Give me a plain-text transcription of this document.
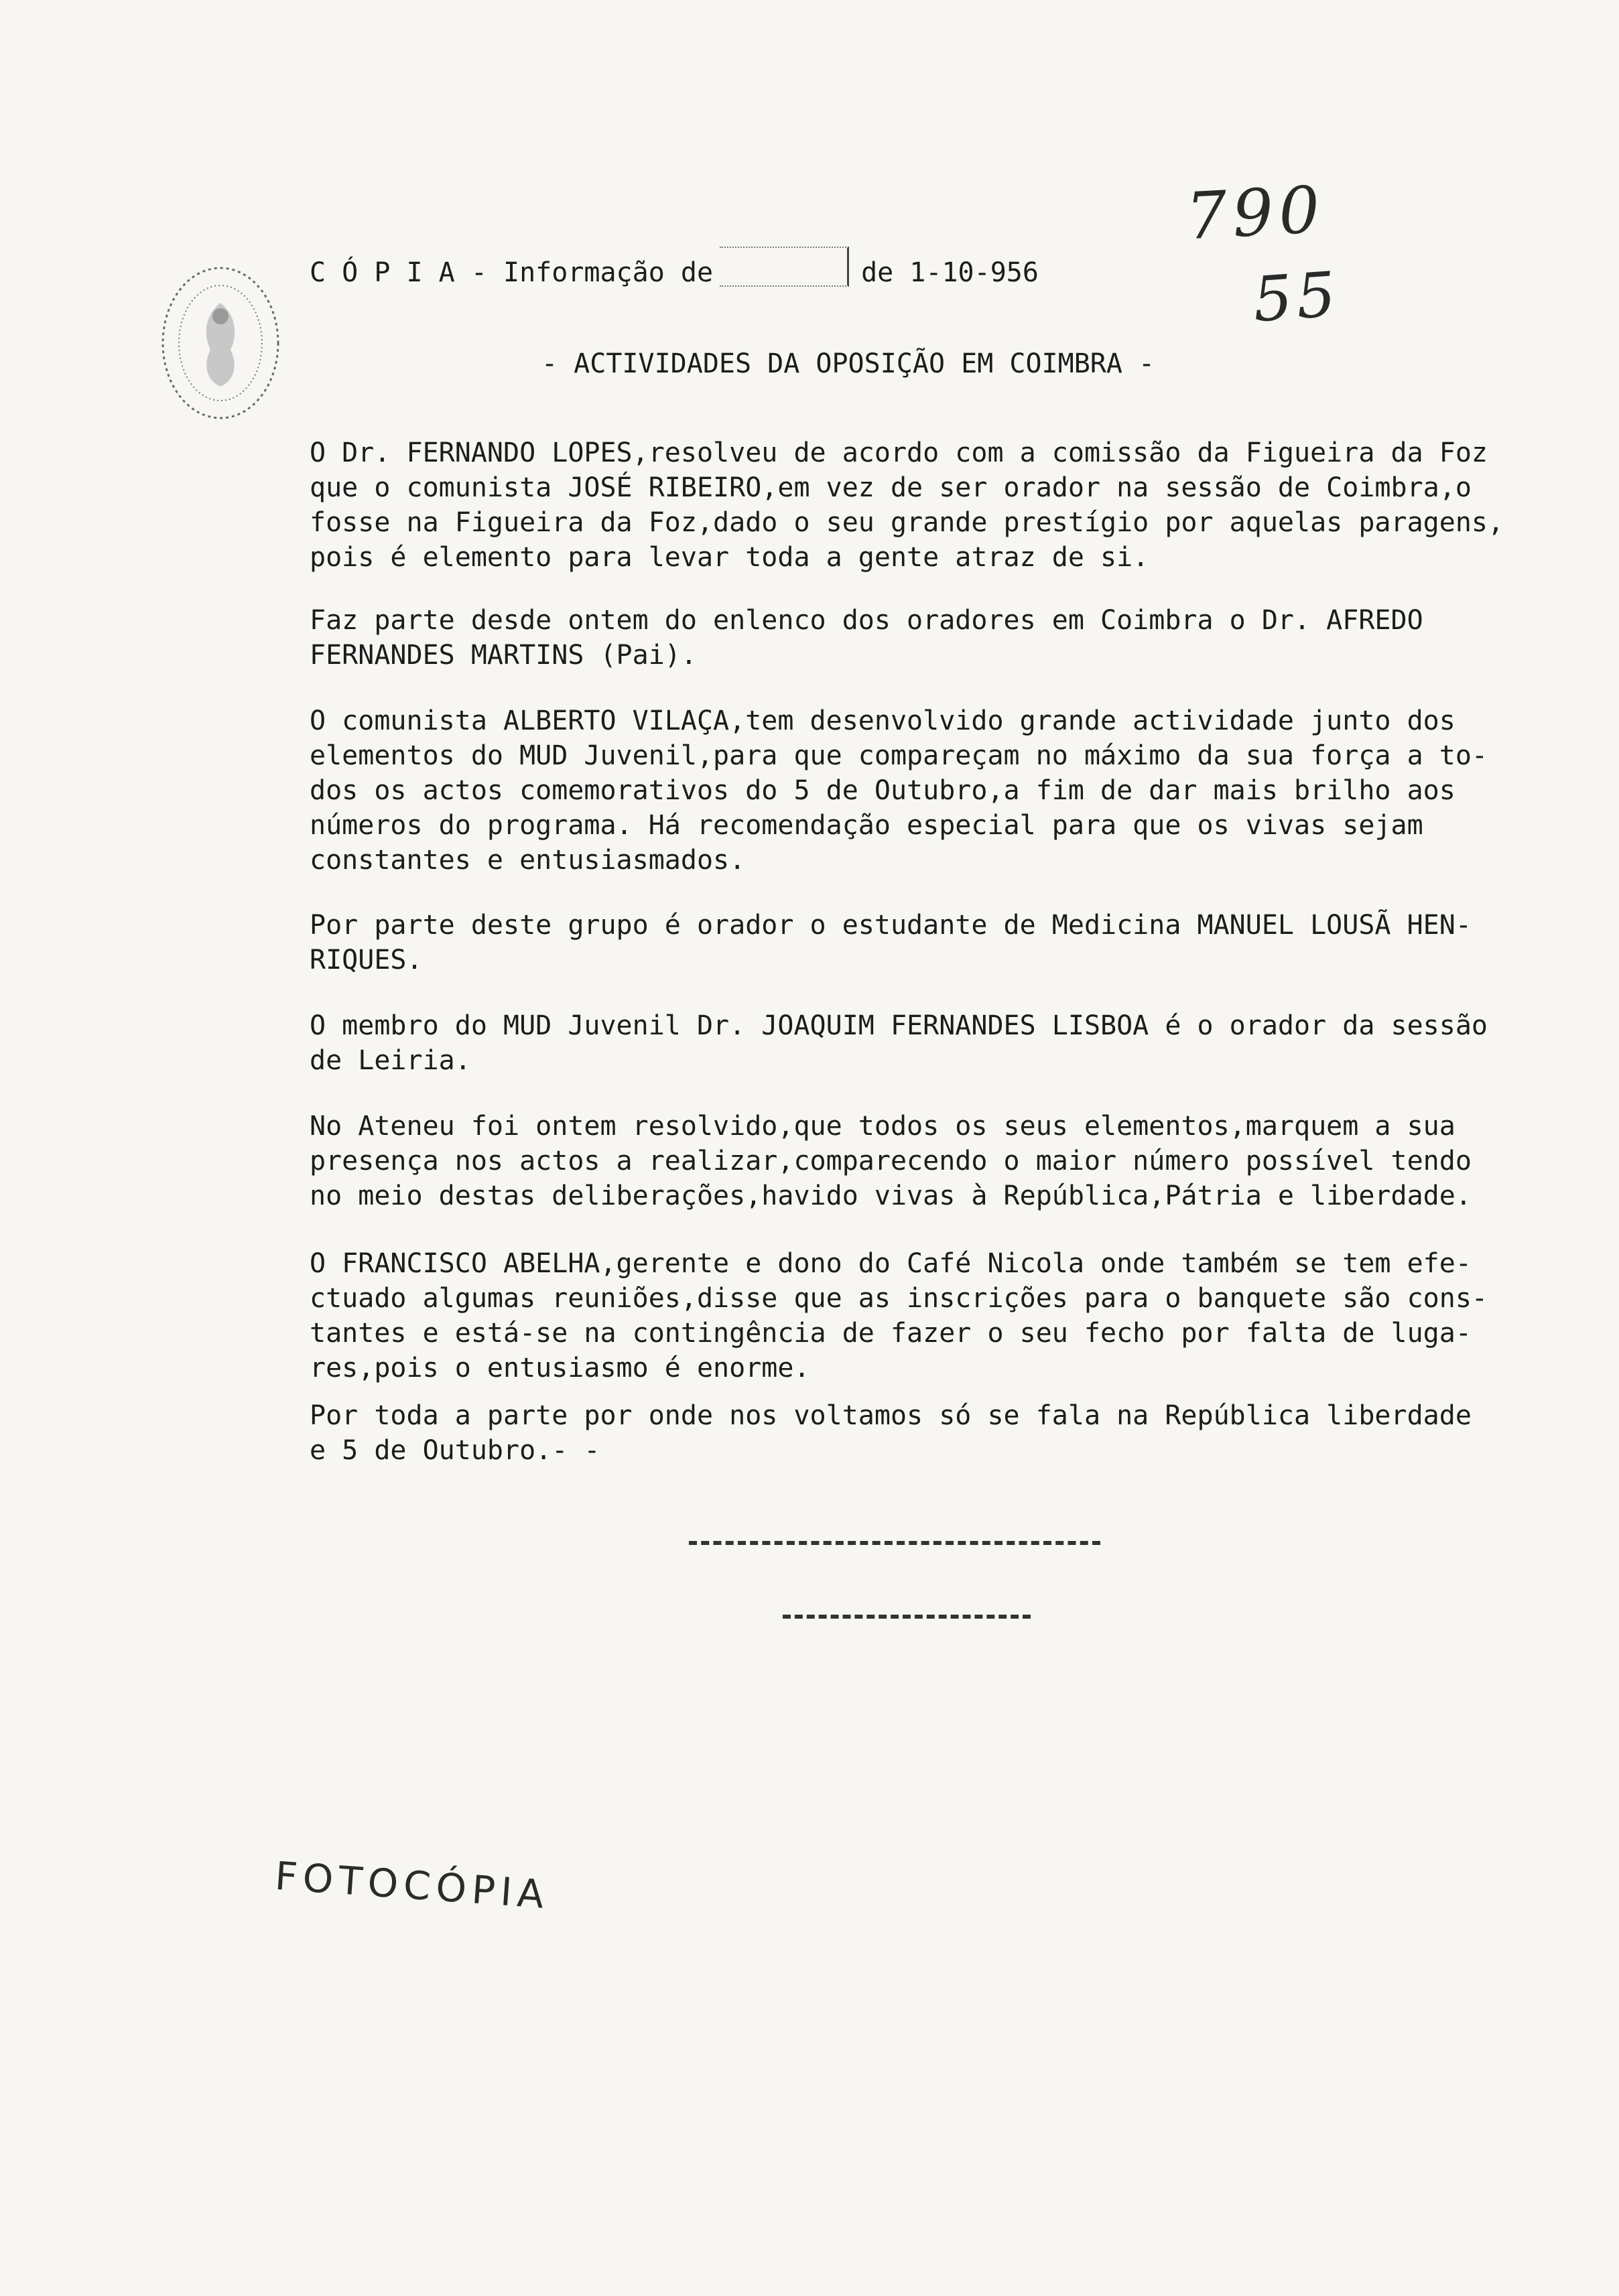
790
55
C Ó P I A - Informação de	de 1-10-956
- ACTIVIDADES DA OPOSIÇÃO EM COIMBRA -

O Dr. FERNANDO LOPES,resolveu de acordo com a comissão da Figueira da Foz
que o comunista JOSÉ RIBEIRO,em vez de ser orador na sessão de Coimbra,o
fosse na Figueira da Foz,dado o seu grande prestígio por aquelas paragens,
pois é elemento para levar toda a gente atraz de si.

Faz parte desde ontem do enlenco dos oradores em Coimbra o Dr. AFREDO
FERNANDES MARTINS (Pai).

O comunista ALBERTO VILAÇA,tem desenvolvido grande actividade junto dos
elementos do MUD Juvenil,para que compareçam no máximo da sua força a to-
dos os actos comemorativos do 5 de Outubro,a fim de dar mais brilho aos
números do programa. Há recomendação especial para que os vivas sejam
constantes e entusiasmados.

Por parte deste grupo é orador o estudante de Medicina MANUEL LOUSÃ HEN-
RIQUES.

O membro do MUD Juvenil Dr. JOAQUIM FERNANDES LISBOA é o orador da sessão
de Leiria.

No Ateneu foi ontem resolvido,que todos os seus elementos,marquem a sua
presença nos actos a realizar,comparecendo o maior número possível tendo
no meio destas deliberações,havido vivas à República,Pátria e liberdade.

O FRANCISCO ABELHA,gerente e dono do Café Nicola onde também se tem efe-
ctuado algumas reuniões,disse que as inscrições para o banquete são cons-
tantes e está-se na contingência de fazer o seu fecho por falta de luga-
res,pois o entusiasmo é enorme.

Por toda a parte por onde nos voltamos só se fala na República liberdade
e 5 de Outubro.- -

FOTOCÓPIA
